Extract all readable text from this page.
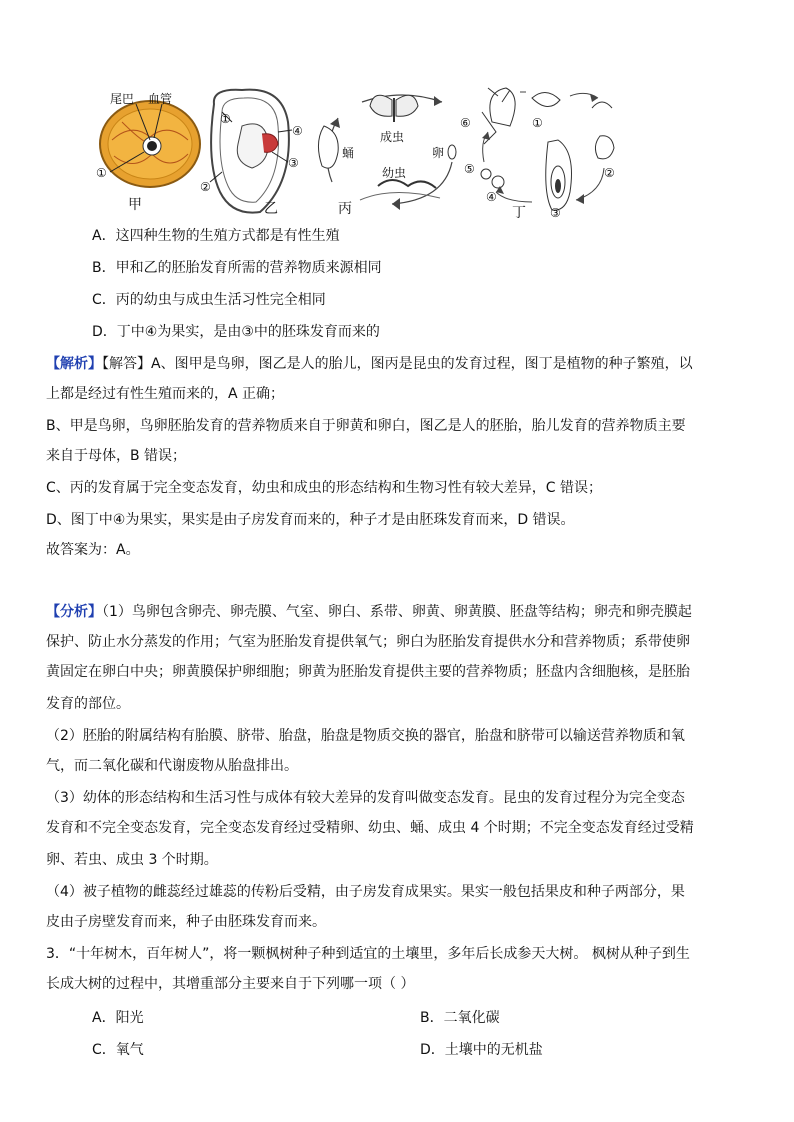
尾巴 血管
①
甲
①
②
③
④
乙
蛹
成虫
卵
幼虫
丙
①
②
③
④
⑤
⑥
丁
A．这四种生物的生殖方式都是有性生殖
B．甲和乙的胚胎发育所需的营养物质来源相同
C．丙的幼虫与成虫生活习性完全相同
D．丁中④为果实，是由③中的胚珠发育而来的
【解析】【解答】A、图甲是鸟卵，图乙是人的胎儿，图丙是昆虫的发育过程，图丁是植物的种子繁殖，以
上都是经过有性生殖而来的，A 正确；
B、甲是鸟卵，鸟卵胚胎发育的营养物质来自于卵黄和卵白，图乙是人的胚胎，胎儿发育的营养物质主要
来自于母体，B 错误；
C、丙的发育属于完全变态发育，幼虫和成虫的形态结构和生物习性有较大差异，C 错误；
D、图丁中④为果实，果实是由子房发育而来的，种子才是由胚珠发育而来，D 错误。
故答案为：A。
【分析】（1）鸟卵包含卵壳、卵壳膜、气室、卵白、系带、卵黄、卵黄膜、胚盘等结构；卵壳和卵壳膜起
保护、防止水分蒸发的作用；气室为胚胎发育提供氧气；卵白为胚胎发育提供水分和营养物质；系带使卵
黄固定在卵白中央；卵黄膜保护卵细胞；卵黄为胚胎发育提供主要的营养物质；胚盘内含细胞核，是胚胎
发育的部位。
（2）胚胎的附属结构有胎膜、脐带、胎盘，胎盘是物质交换的器官，胎盘和脐带可以输送营养物质和氧
气，而二氧化碳和代谢废物从胎盘排出。
（3）幼体的形态结构和生活习性与成体有较大差异的发育叫做变态发育。昆虫的发育过程分为完全变态
发育和不完全变态发育，完全变态发育经过受精卵、幼虫、蛹、成虫 4 个时期；不完全变态发育经过受精
卵、若虫、成虫 3 个时期。
（4）被子植物的雌蕊经过雄蕊的传粉后受精，由子房发育成果实。果实一般包括果皮和种子两部分，果
皮由子房壁发育而来，种子由胚珠发育而来。
3．“十年树木，百年树人”，将一颗枫树种子种到适宜的土壤里，多年后长成参天大树。 枫树从种子到生
长成大树的过程中，其增重部分主要来自于下列哪一项（ ）
A．阳光	B．二氧化碳
C．氧气	D．土壤中的无机盐
